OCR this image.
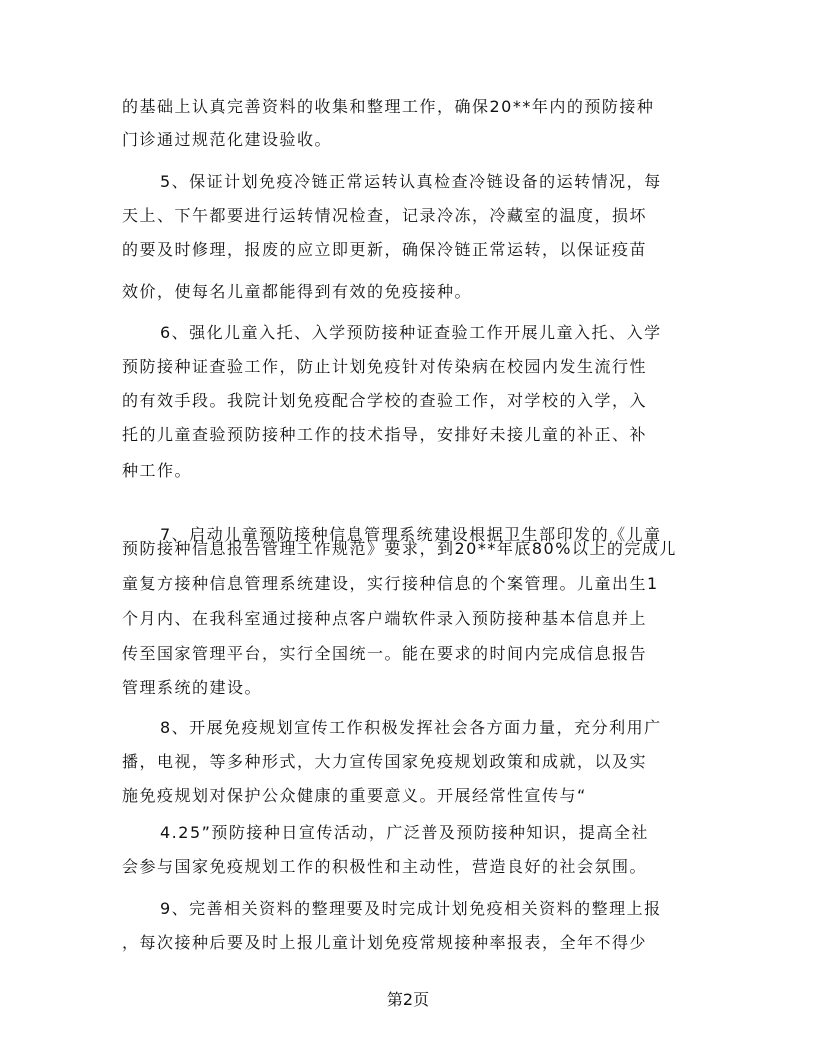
的基础上认真完善资料的收集和整理工作，确保20**年内的预防接种
门诊通过规范化建设验收。
5、保证计划免疫冷链正常运转认真检查冷链设备的运转情况，每
天上、下午都要进行运转情况检查，记录冷冻，冷藏室的温度，损坏
的要及时修理，报废的应立即更新，确保冷链正常运转，以保证疫苗
效价，使每名儿童都能得到有效的免疫接种。
6、强化儿童入托、入学预防接种证查验工作开展儿童入托、入学
预防接种证查验工作，防止计划免疫针对传染病在校园内发生流行性
的有效手段。我院计划免疫配合学校的查验工作，对学校的入学，入
托的儿童查验预防接种工作的技术指导，安排好未接儿童的补正、补
种工作。
7、启动儿童预防接种信息管理系统建设根据卫生部印发的《儿童
预防接种信息报告管理工作规范》要求，到20**年底80%以上的完成儿
童复方接种信息管理系统建设，实行接种信息的个案管理。儿童出生1
个月内、在我科室通过接种点客户端软件录入预防接种基本信息并上
传至国家管理平台，实行全国统一。能在要求的时间内完成信息报告
管理系统的建设。
8、开展免疫规划宣传工作积极发挥社会各方面力量，充分利用广
播，电视，等多种形式，大力宣传国家免疫规划政策和成就，以及实
施免疫规划对保护公众健康的重要意义。开展经常性宣传与“
4.25”预防接种日宣传活动，广泛普及预防接种知识，提高全社
会参与国家免疫规划工作的积极性和主动性，营造良好的社会氛围。
9、完善相关资料的整理要及时完成计划免疫相关资料的整理上报
，每次接种后要及时上报儿童计划免疫常规接种率报表，全年不得少
第2页
